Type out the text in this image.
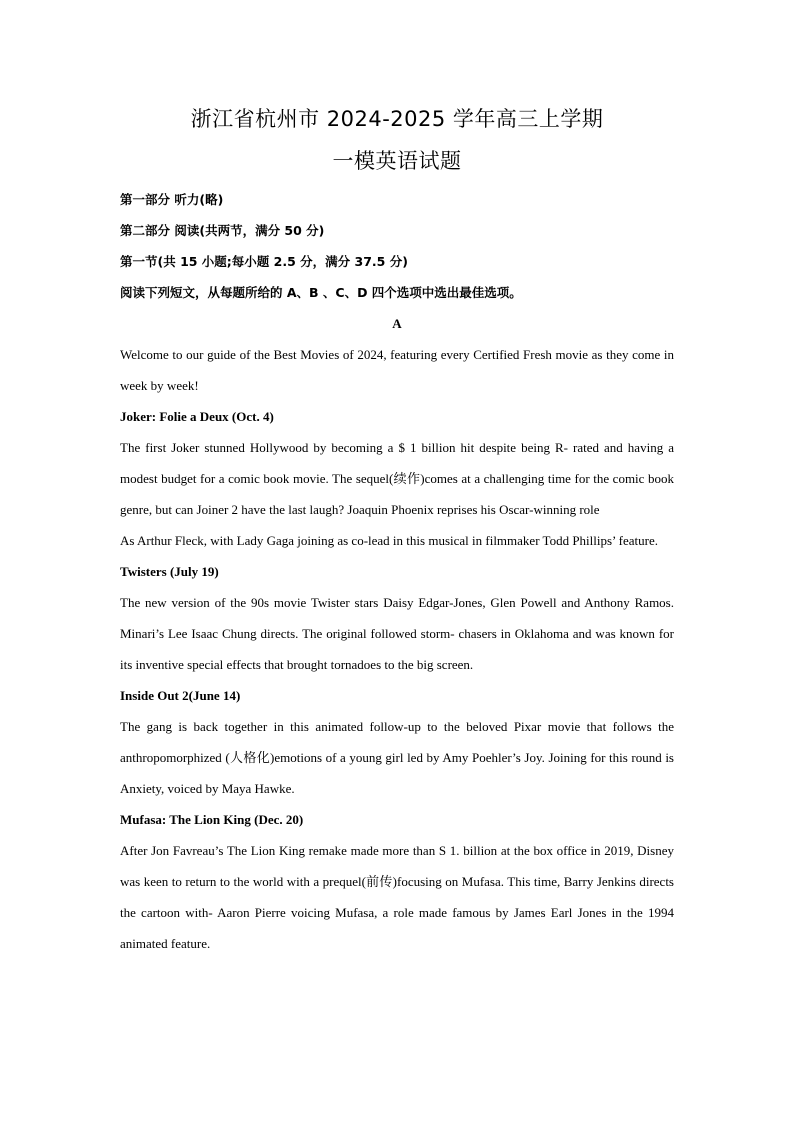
浙江省杭州市 2024-2025 学年高三上学期
一模英语试题

第一部分 听力(略)

第二部分 阅读(共两节，满分 50 分)

第一节(共 15 小题;每小题 2.5 分，满分 37.5 分)

阅读下列短文，从每题所给的 A、B 、C、D 四个选项中选出最佳选项。

A

Welcome to our guide of the Best Movies of 2024, featuring every Certified Fresh movie as they come in week by week!

Joker: Folie a Deux (Oct. 4)

The first Joker stunned Hollywood by becoming a $ 1 billion hit despite being R- rated and having a modest budget for a comic book movie. The sequel(续作)comes at a challenging time for the comic book genre, but can Joiner 2 have the last laugh? Joaquin Phoenix reprises his Oscar-winning role

As Arthur Fleck, with Lady Gaga joining as co-lead in this musical in filmmaker Todd Phillips’ feature.

Twisters (July 19)

The new version of the 90s movie Twister stars Daisy Edgar-Jones, Glen Powell and Anthony Ramos. Minari’s Lee Isaac Chung directs. The original followed storm- chasers in Oklahoma and was known for its inventive special effects that brought tornadoes to the big screen.

Inside Out 2(June 14)

The gang is back together in this animated follow-up to the beloved Pixar movie that follows the anthropomorphized (人格化)emotions of a young girl led by Amy Poehler’s Joy. Joining for this round is Anxiety, voiced by Maya Hawke.

Mufasa: The Lion King (Dec. 20)

After Jon Favreau’s The Lion King remake made more than S 1. billion at the box office in 2019, Disney was keen to return to the world with a prequel(前传)focusing on Mufasa. This time, Barry Jenkins directs the cartoon with- Aaron Pierre voicing Mufasa, a role made famous by James Earl Jones in the 1994 animated feature.
